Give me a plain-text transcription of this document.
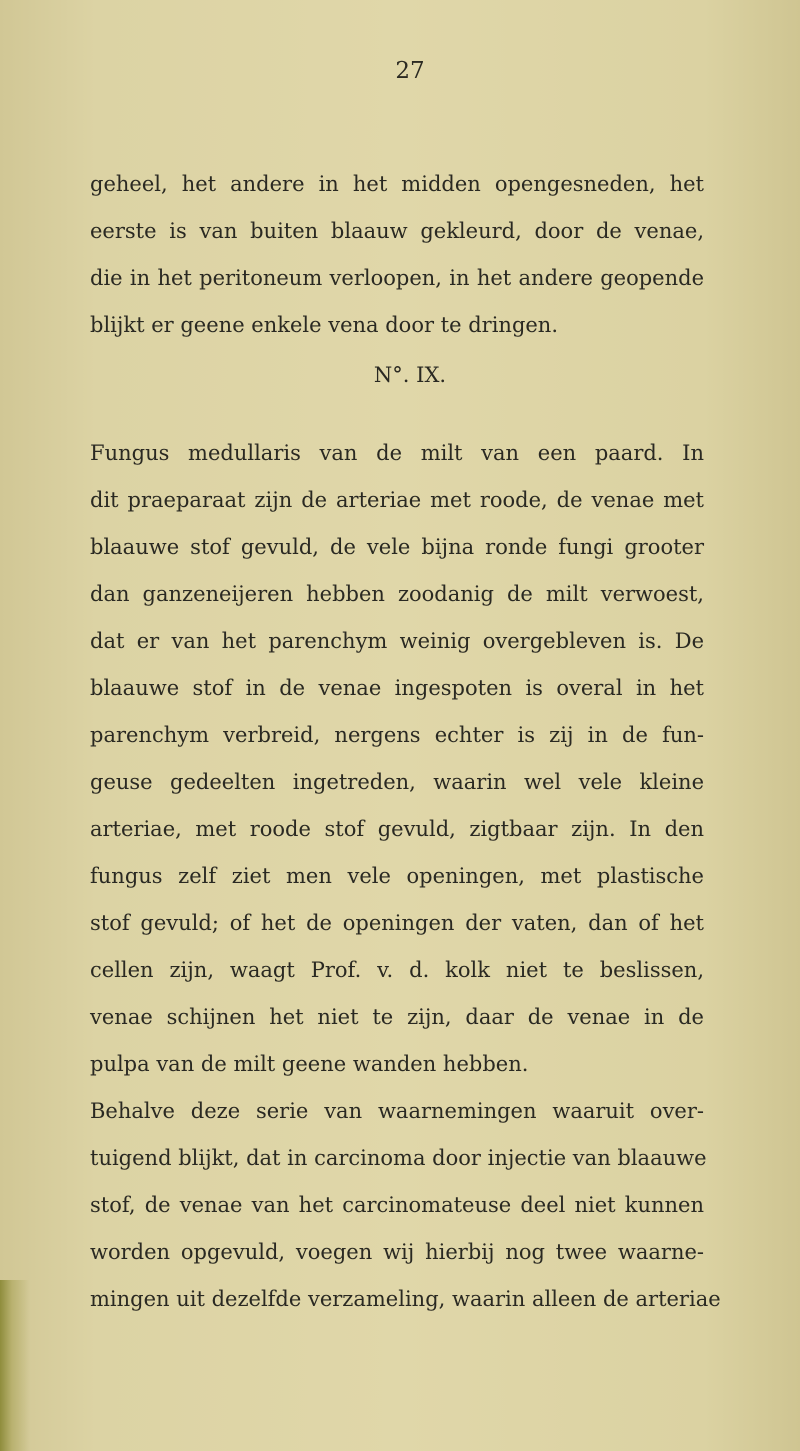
27
geheel, het andere in het midden opengesneden, het
eerste is van buiten blaauw gekleurd, door de venae,
die in het peritoneum verloopen, in het andere geopende
blijkt er geene enkele vena door te dringen.
N°. IX.
Fungus medullaris van de milt van een paard. In
dit praeparaat zijn de arteriae met roode, de venae met
blaauwe stof gevuld, de vele bijna ronde fungi grooter
dan ganzeneijeren hebben zoodanig de milt verwoest,
dat er van het parenchym weinig overgebleven is. De
blaauwe stof in de venae ingespoten is overal in het
parenchym verbreid, nergens echter is zij in de fun-
geuse gedeelten ingetreden, waarin wel vele kleine
arteriae, met roode stof gevuld, zigtbaar zijn. In den
fungus zelf ziet men vele openingen, met plastische
stof gevuld; of het de openingen der vaten, dan of het
cellen zijn, waagt Prof. v. d. kolk niet te beslissen,
venae schijnen het niet te zijn, daar de venae in de
pulpa van de milt geene wanden hebben.
Behalve deze serie van waarnemingen waaruit over-
tuigend blijkt, dat in carcinoma door injectie van blaauwe
stof, de venae van het carcinomateuse deel niet kunnen
worden opgevuld, voegen wij hierbij nog twee waarne-
mingen uit dezelfde verzameling, waarin alleen de arteriae
